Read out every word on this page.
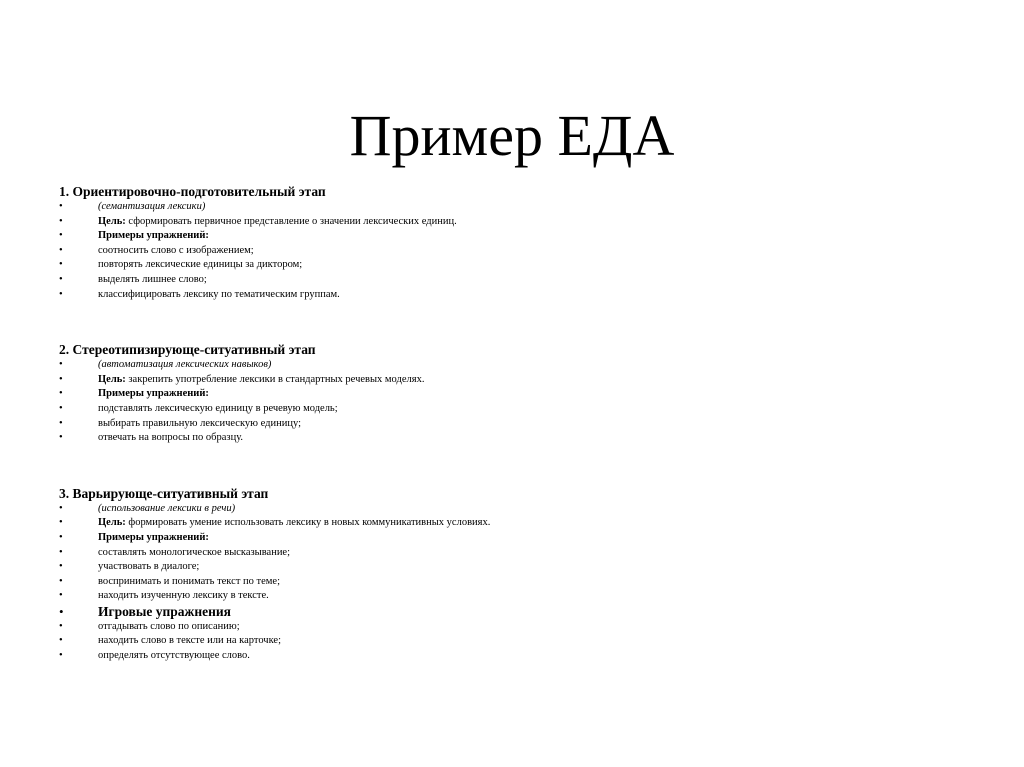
Пример ЕДА

1. Ориентировочно-подготовительный этап

•	(семантизация лексики)
•	Цель: сформировать первичное представление о значении лексических единиц.
•	Примеры упражнений:
•	соотносить слово с изображением;
•	повторять лексические единицы за диктором;
•	выделять лишнее слово;
•	классифицировать лексику по тематическим группам.

2. Стереотипизирующе-ситуативный этап

•	(автоматизация лексических навыков)
•	Цель: закрепить употребление лексики в стандартных речевых моделях.
•	Примеры упражнений:
•	подставлять лексическую единицу в речевую модель;
•	выбирать правильную лексическую единицу;
•	отвечать на вопросы по образцу.

3. Варьирующе-ситуативный этап

•	(использование лексики в речи)
•	Цель: формировать умение использовать лексику в новых коммуникативных условиях.
•	Примеры упражнений:
•	составлять монологическое высказывание;
•	участвовать в диалоге;
•	воспринимать и понимать текст по теме;
•	находить изученную лексику в тексте.
•	Игровые упражнения
•	отгадывать слово по описанию;
•	находить слово в тексте или на карточке;
•	определять отсутствующее слово.
